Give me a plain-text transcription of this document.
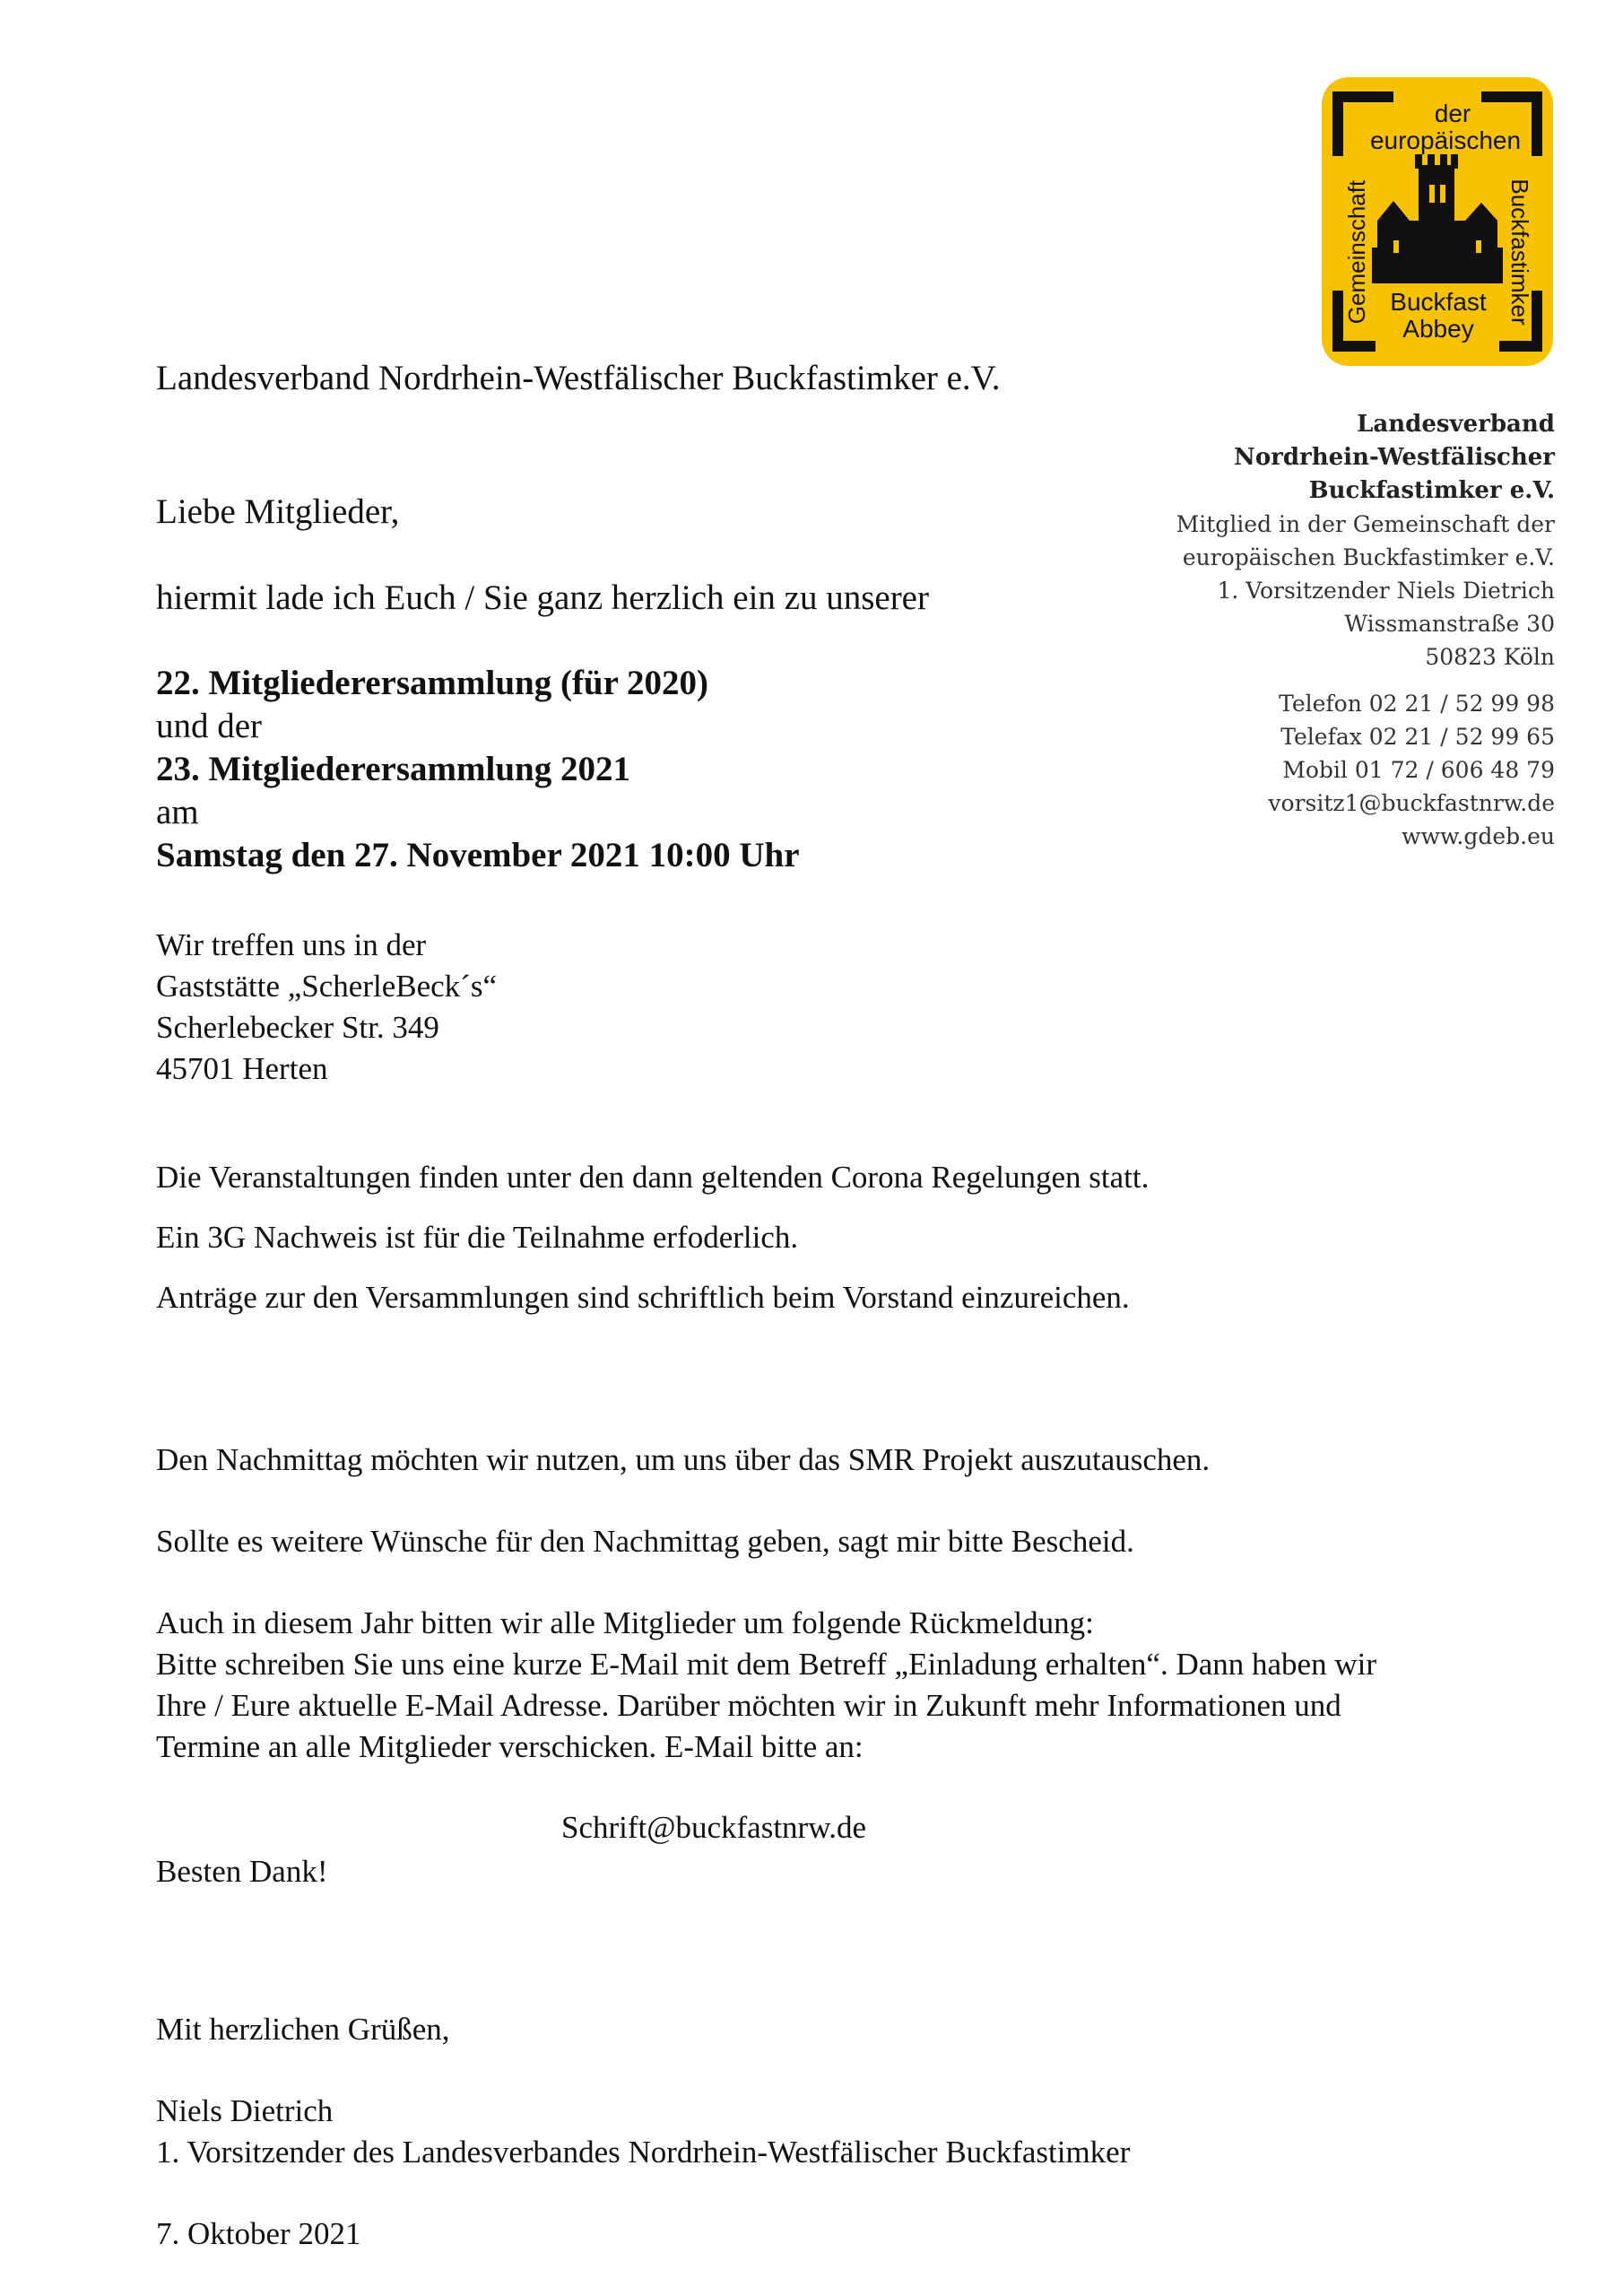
der
europäischen
Gemeinschaft	Buckfastimker
Buckfast
Abbey
Landesverband
Nordrhein-Westfälischer
Buckfastimker e.V.
Mitglied in der Gemeinschaft der
europäischen Buckfastimker e.V.
1. Vorsitzender Niels Dietrich
Wissmanstraße 30
50823 Köln
Telefon 02 21 / 52 99 98
Telefax 02 21 / 52 99 65
Mobil 01 72 / 606 48 79
vorsitz1@buckfastnrw.de
www.gdeb.eu
Landesverband Nordrhein-Westfälischer Buckfastimker e.V.
Liebe Mitglieder,
hiermit lade ich Euch / Sie ganz herzlich ein zu unserer
22. Mitgliederersammlung (für 2020)
und der
23. Mitgliederersammlung 2021
am
Samstag den 27. November 2021 10:00 Uhr
Wir treffen uns in der
Gaststätte „ScherleBeck´s“
Scherlebecker Str. 349
45701 Herten
Die Veranstaltungen finden unter den dann geltenden Corona Regelungen statt.
Ein 3G Nachweis ist für die Teilnahme erfoderlich.
Anträge zur den Versammlungen sind schriftlich beim Vorstand einzureichen.
Den Nachmittag möchten wir nutzen, um uns über das SMR Projekt auszutauschen.
Sollte es weitere Wünsche für den Nachmittag geben, sagt mir bitte Bescheid.
Auch in diesem Jahr bitten wir alle Mitglieder um folgende Rückmeldung:
Bitte schreiben Sie uns eine kurze E-Mail mit dem Betreff „Einladung erhalten“. Dann haben wir
Ihre / Eure aktuelle E-Mail Adresse. Darüber möchten wir in Zukunft mehr Informationen und
Termine an alle Mitglieder verschicken. E-Mail bitte an:
Schrift@buckfastnrw.de
Besten Dank!
Mit herzlichen Grüßen,
Niels Dietrich
1. Vorsitzender des Landesverbandes Nordrhein-Westfälischer Buckfastimker
7. Oktober 2021
